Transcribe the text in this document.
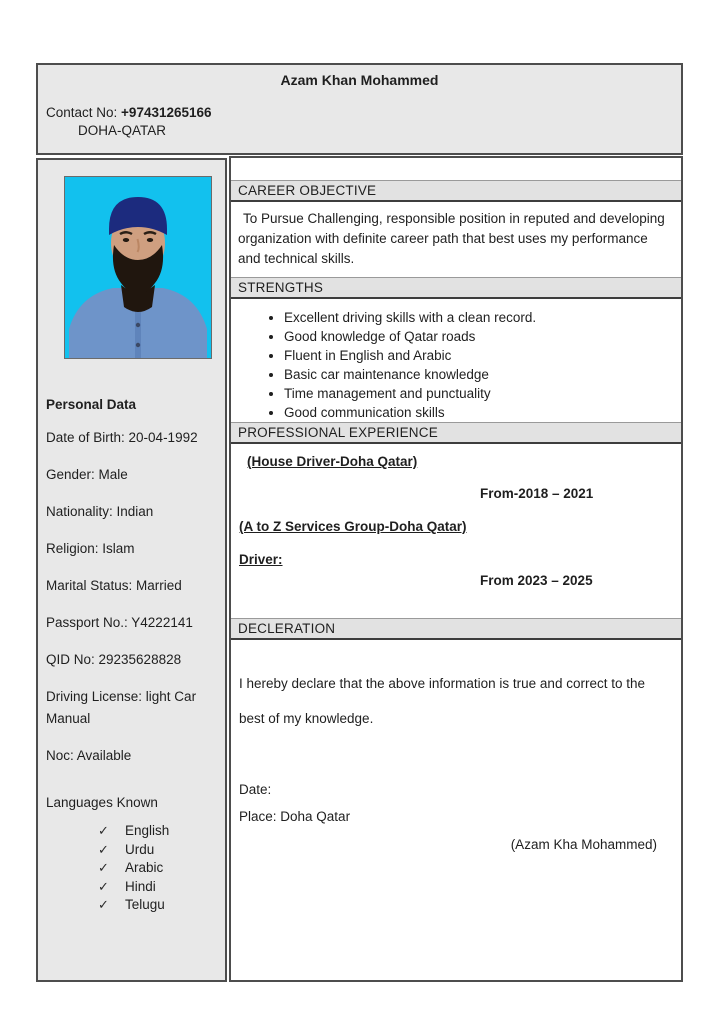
Azam Khan Mohammed
Contact No: +97431265166
DOHA-QATAR
Personal Data
Date of Birth: 20-04-1992
Gender: Male
Nationality: Indian
Religion: Islam
Marital Status: Married
Passport No.: Y4222141
QID No: 29235628828
Driving License: light Car Manual
Noc: Available
Languages Known
✓ English
✓ Urdu
✓ Arabic
✓ Hindi
✓ Telugu
CAREER OBJECTIVE

To Pursue Challenging, responsible position in reputed and developing organization with definite career path that best uses my performance and technical skills.

STRENGTHS
• Excellent driving skills with a clean record.
• Good knowledge of Qatar roads
• Fluent in English and Arabic
• Basic car maintenance knowledge
• Time management and punctuality
• Good communication skills
PROFESSIONAL EXPERIENCE
(House Driver-Doha Qatar)
From-2018 – 2021
(A to Z Services Group-Doha Qatar)
Driver:
From 2023 – 2025
DECLERATION

I hereby declare that the above information is true and correct to the best of my knowledge.

Date:
Place: Doha Qatar
(Azam Kha Mohammed)
